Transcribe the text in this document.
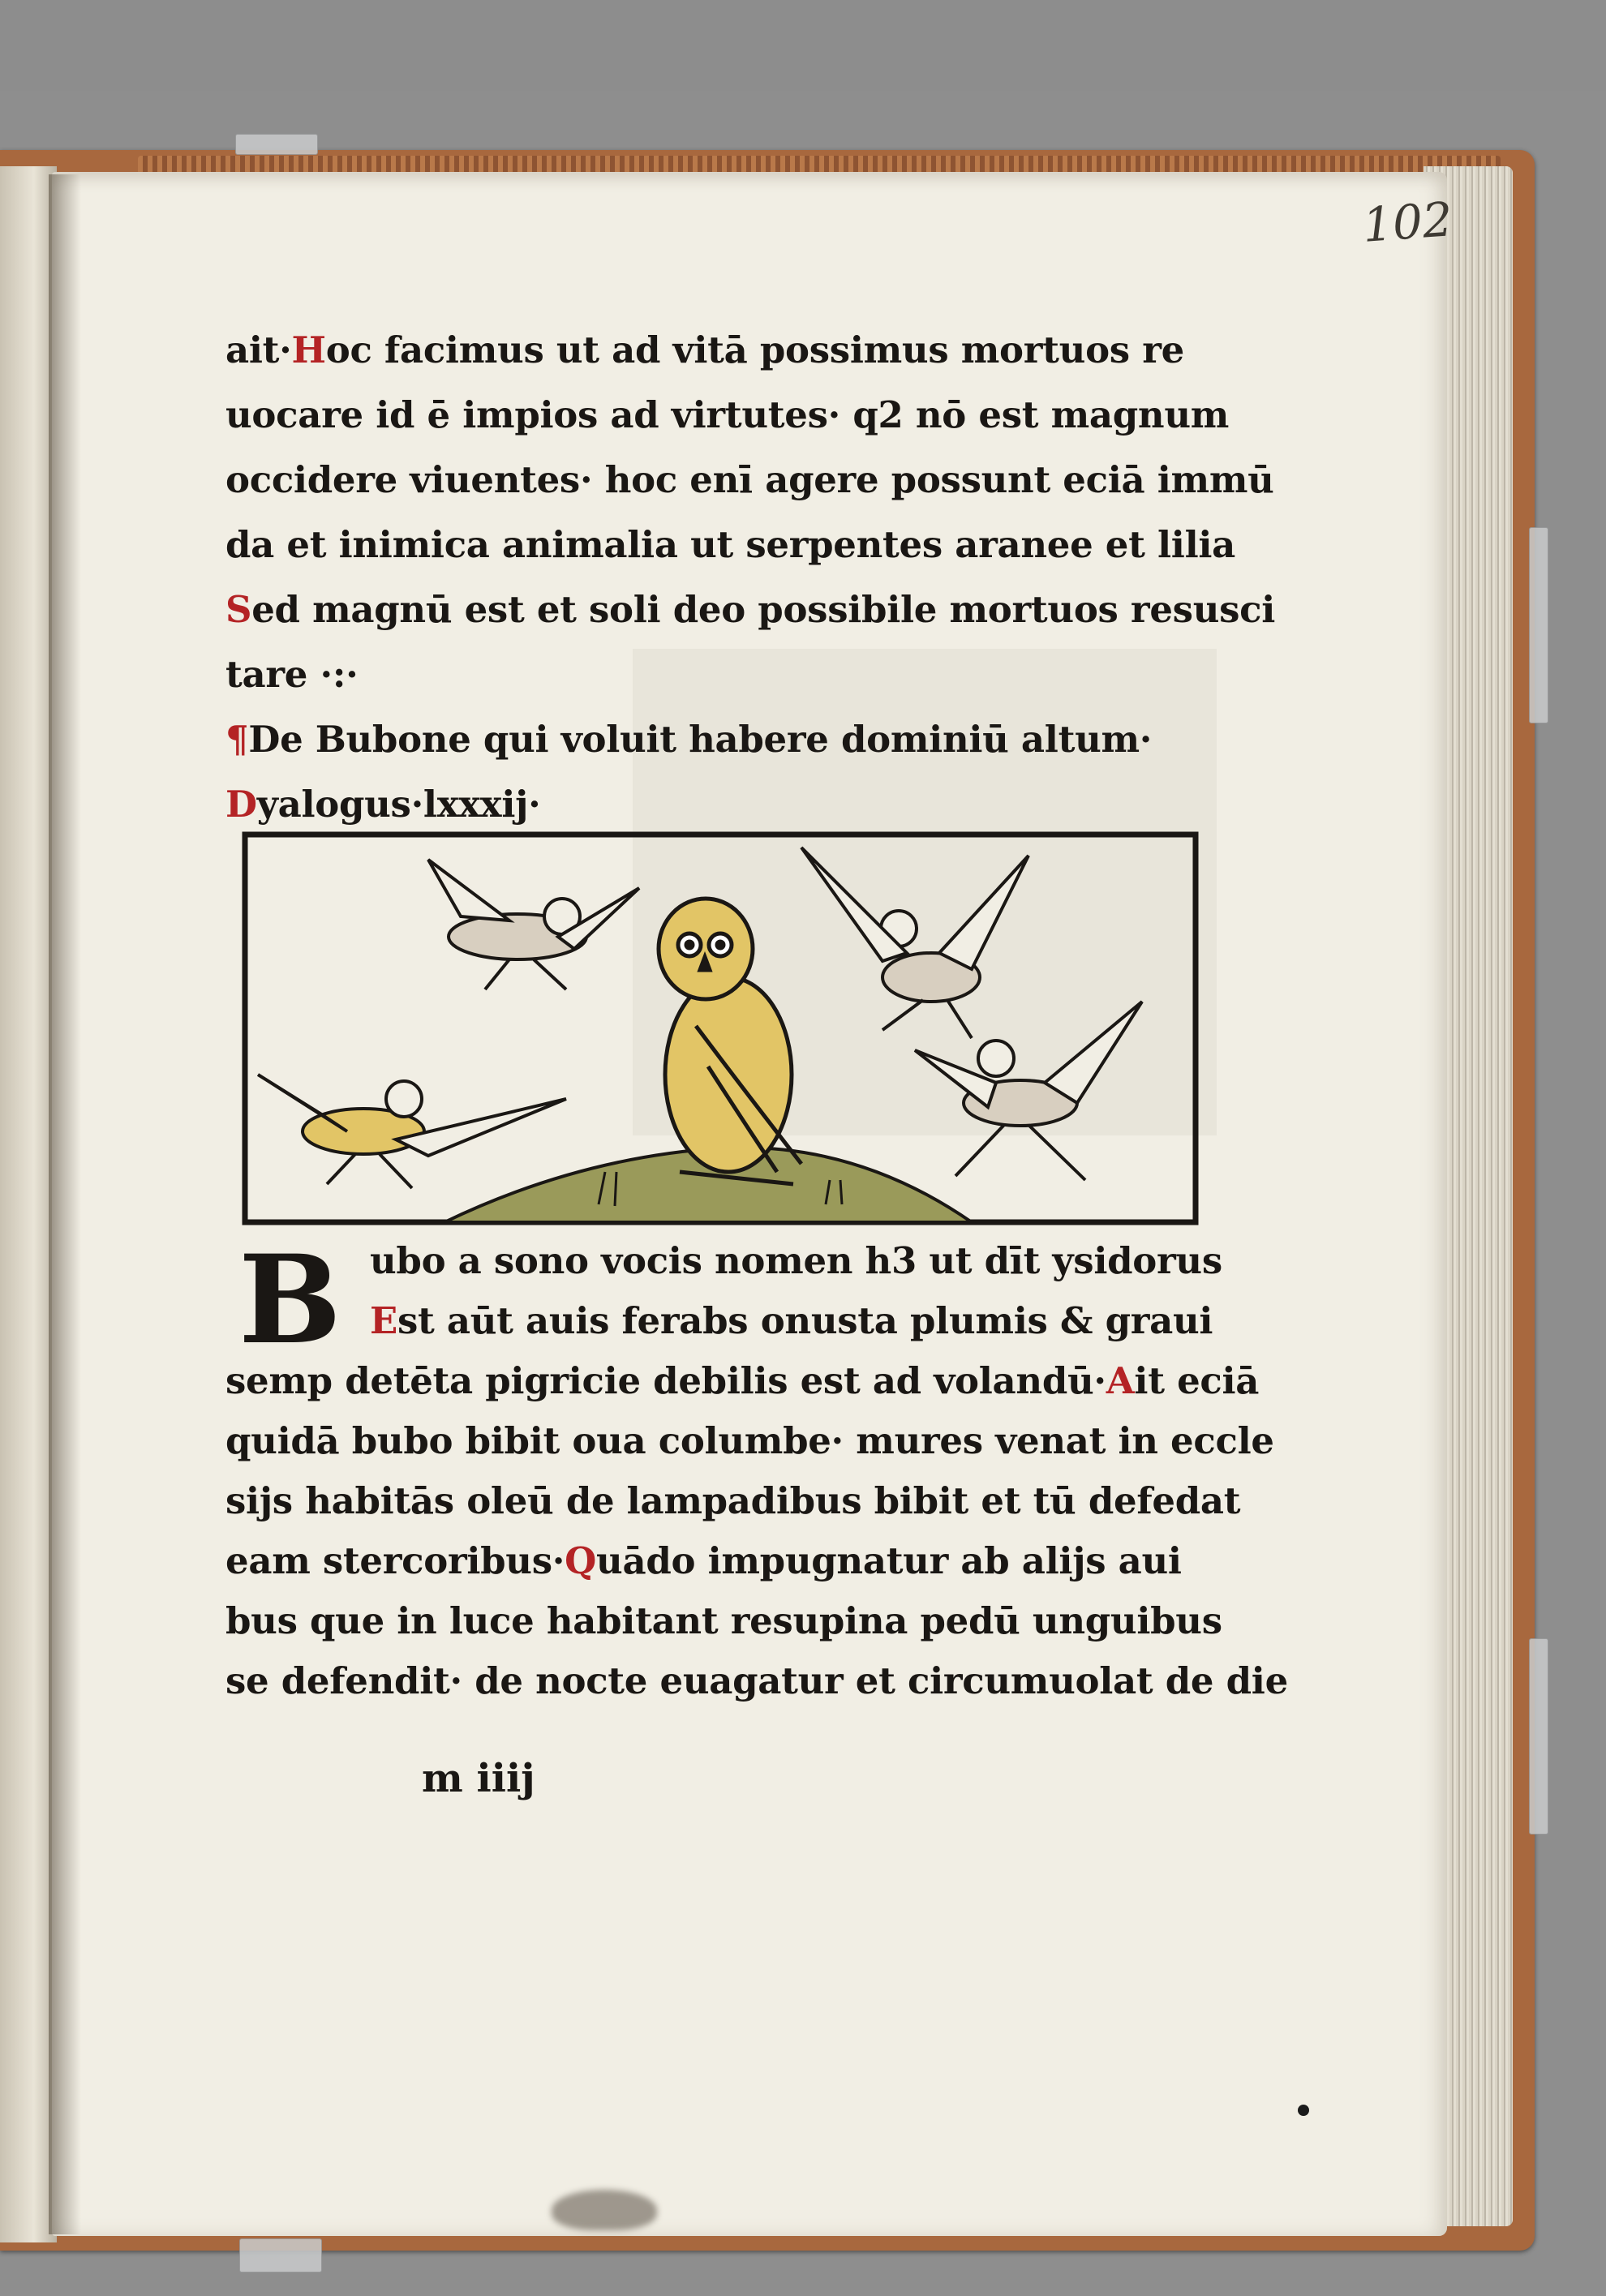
102
ait·Hoc facimus ut ad vitā possimus mortuos re
uocare id ē impios ad virtutes· q2 nō est magnum
occidere viuentes· hoc enī agere possunt eciā immū
da et inimica animalia ut serpentes aranee et lilia
Sed magnū est et soli deo possibile mortuos resusci
tare ·:·
¶De Bubone qui voluit habere dominiū altum·
Dyalogus·lxxxij·
B ubo a sono vocis nomen h3 ut dīt ysidorus
Est aūt auis ferabs onusta plumis & graui
semp detēta pigricie debilis est ad volandū·Ait eciā
quidā bubo bibit oua columbe· mures venat in eccle
sijs habitās oleū de lampadibus bibit et tū defedat
eam stercoribus·Quādo impugnatur ab alijs aui
bus que in luce habitant resupina pedū unguibus
se defendit· de nocte euagatur et circumuolat de die
m iiij
